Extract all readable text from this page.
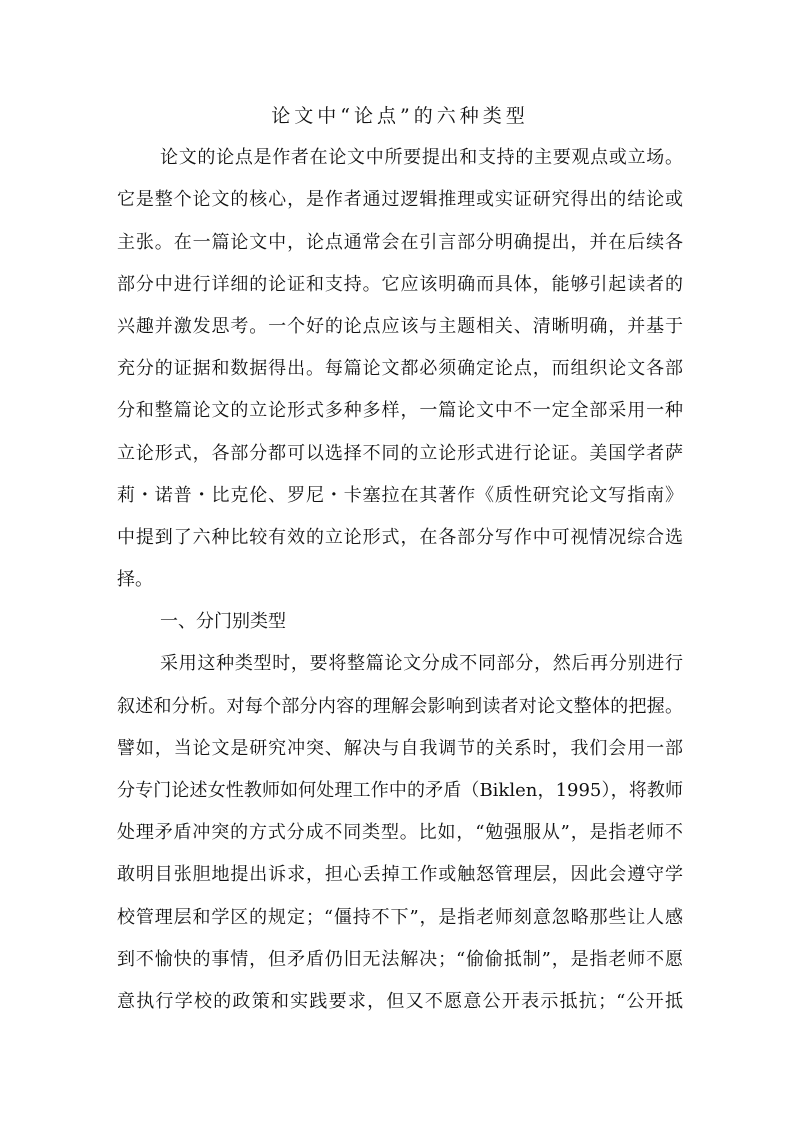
论文中“论点”的六种类型
论文的论点是作者在论文中所要提出和支持的主要观点或立场。
它是整个论文的核心，是作者通过逻辑推理或实证研究得出的结论或
主张。在一篇论文中，论点通常会在引言部分明确提出，并在后续各
部分中进行详细的论证和支持。它应该明确而具体，能够引起读者的
兴趣并激发思考。一个好的论点应该与主题相关、清晰明确，并基于
充分的证据和数据得出。每篇论文都必须确定论点，而组织论文各部
分和整篇论文的立论形式多种多样，一篇论文中不一定全部采用一种
立论形式，各部分都可以选择不同的立论形式进行论证。美国学者萨
莉・诺普・比克伦、罗尼・卡塞拉在其著作《质性研究论文写指南》
中提到了六种比较有效的立论形式，在各部分写作中可视情况综合选
择。
一、分门别类型
采用这种类型时，要将整篇论文分成不同部分，然后再分别进行
叙述和分析。对每个部分内容的理解会影响到读者对论文整体的把握。
譬如，当论文是研究冲突、解决与自我调节的关系时，我们会用一部
分专门论述女性教师如何处理工作中的矛盾（Biklen，1995），将教师
处理矛盾冲突的方式分成不同类型。比如，“勉强服从”，是指老师不
敢明目张胆地提出诉求，担心丢掉工作或触怒管理层，因此会遵守学
校管理层和学区的规定；“僵持不下”，是指老师刻意忽略那些让人感
到不愉快的事情，但矛盾仍旧无法解决；“偷偷抵制”，是指老师不愿
意执行学校的政策和实践要求，但又不愿意公开表示抵抗；“公开抵
